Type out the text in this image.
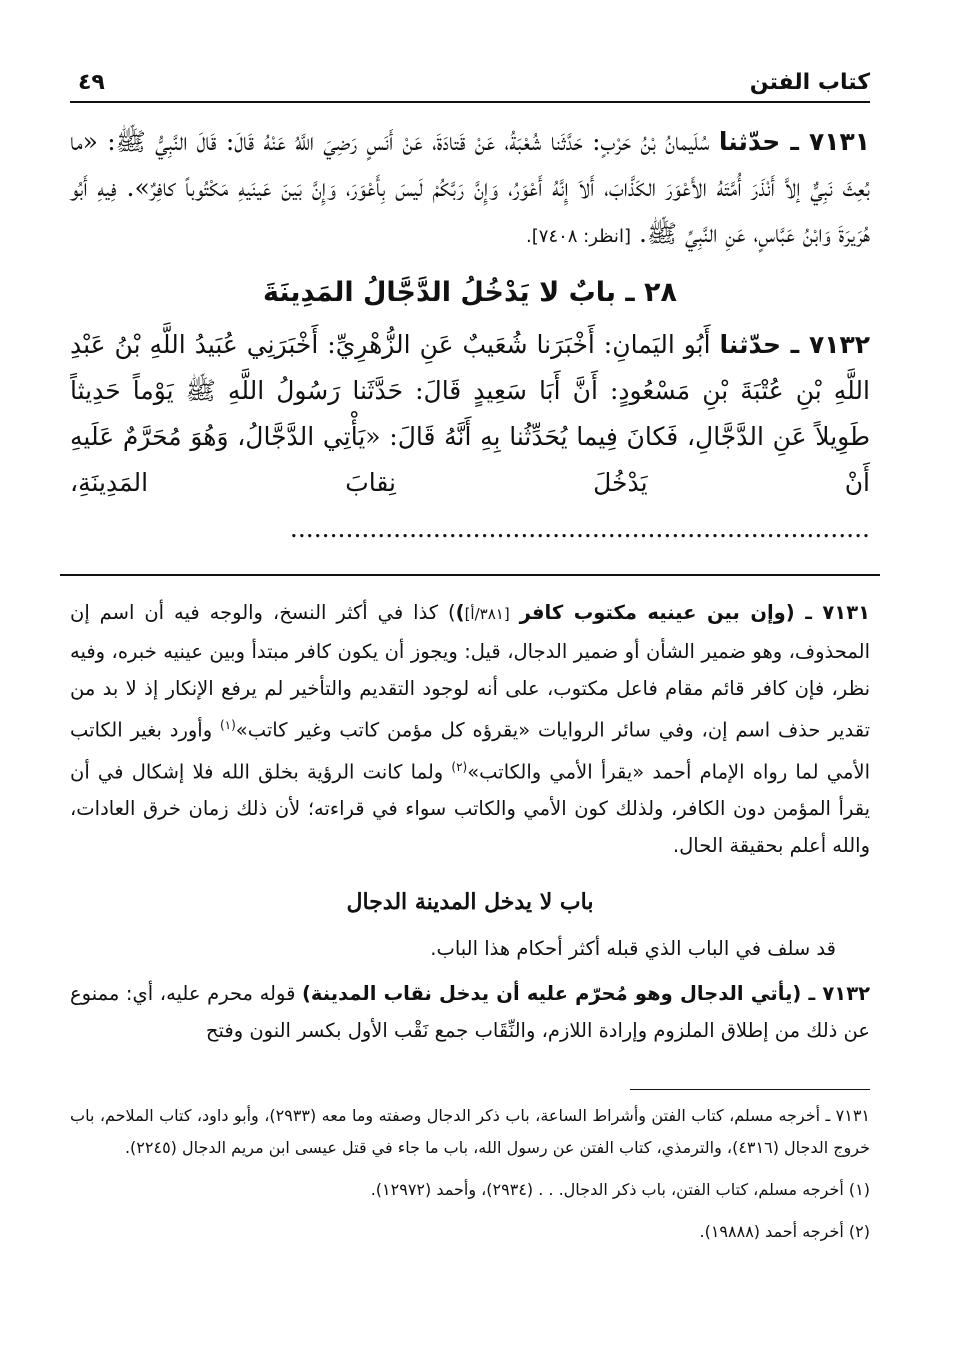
كتاب الفتن
٤٩

٧١٣١ ـ حدّثنا سُلَيمانُ بْنُ حَرْبٍ: حَدَّثَنا شُعْبَةُ، عَنْ قَتادَةَ، عَنْ أَنَسٍ رَضِيَ اللَّهُ عَنْهُ قَالَ: قَالَ النَّبِيُّ ﷺ: «ما بُعِثَ نَبِيٌّ إلاَّ أَنْذَرَ أُمَّتَهُ الأَعْوَرَ الكَذَّابَ، أَلاَ إِنَّهُ أَعْوَرُ، وَإِنَّ رَبَّكُمْ لَيسَ بِأَعْوَرَ، وَإِنَّ بَينَ عَينَيهِ مَكْتُوباً كافِرٌ». فِيهِ أَبُو هُرَيرَةَ وَابْنُ عَبَّاسٍ، عَنِ النَّبِيِّ ﷺ. [انظر: ٧٤٠٨].

٢٨ ـ بابٌ لا يَدْخُلُ الدَّجَّالُ المَدِينَةَ

٧١٣٢ ـ حدّثنا أَبُو اليَمانِ: أَخْبَرَنا شُعَيبٌ عَنِ الزُّهْرِيِّ: أَخْبَرَنِي عُبَيدُ اللَّهِ بْنُ عَبْدِ اللَّهِ بْنِ عُتْبَةَ بْنِ مَسْعُودٍ: أَنَّ أَبَا سَعِيدٍ قَالَ: حَدَّثَنا رَسُولُ اللَّهِ ﷺ يَوْماً حَدِيثاً طَوِيلاً عَنِ الدَّجَّالِ، فَكانَ فِيما يُحَدِّثُنا بِهِ أَنَّهُ قَالَ: «يَأْتِي الدَّجَّالُ، وَهُوَ مُحَرَّمٌ عَلَيهِ أَنْ يَدْخُلَ نِقابَ المَدِينَةِ، .........................................................................

٧١٣١ ـ (وإن بين عينيه مكتوب كافر [٣٨١/أ])) كذا في أكثر النسخ، والوجه فيه أن اسم إن المحذوف، وهو ضمير الشأن أو ضمير الدجال، قيل: ويجوز أن يكون كافر مبتدأ وبين عينيه خبره، وفيه نظر، فإن كافر قائم مقام فاعل مكتوب، على أنه لوجود التقديم والتأخير لم يرفع الإنكار إذ لا بد من تقدير حذف اسم إن، وفي سائر الروايات «يقرؤه كل مؤمن كاتب وغير كاتب»$^{(١)}$ وأورد بغير الكاتب الأمي لما رواه الإمام أحمد «يقرأ الأمي والكاتب»$^{(٢)}$ ولما كانت الرؤية بخلق الله فلا إشكال في أن يقرأ المؤمن دون الكافر، ولذلك كون الأمي والكاتب سواء في قراءته؛ لأن ذلك زمان خرق العادات، والله أعلم بحقيقة الحال.

باب لا يدخل المدينة الدجال

قد سلف في الباب الذي قبله أكثر أحكام هذا الباب.

٧١٣٢ ـ (يأتي الدجال وهو مُحرّم عليه أن يدخل نقاب المدينة) قوله محرم عليه، أي: ممنوع عن ذلك من إطلاق الملزوم وإرادة اللازم، والنِّقَاب جمع نَقْب الأول بكسر النون وفتح

٧١٣١ ـ أخرجه مسلم، كتاب الفتن وأشراط الساعة، باب ذكر الدجال وصفته وما معه (٢٩٣٣)، وأبو داود، كتاب الملاحم، باب خروج الدجال (٤٣١٦)، والترمذي، كتاب الفتن عن رسول الله، باب ما جاء في قتل عيسى ابن مريم الدجال (٢٢٤٥).

(١) أخرجه مسلم، كتاب الفتن، باب ذكر الدجال. . . (٢٩٣٤)، وأحمد (١٢٩٧٢).

(٢) أخرجه أحمد (١٩٨٨٨).
